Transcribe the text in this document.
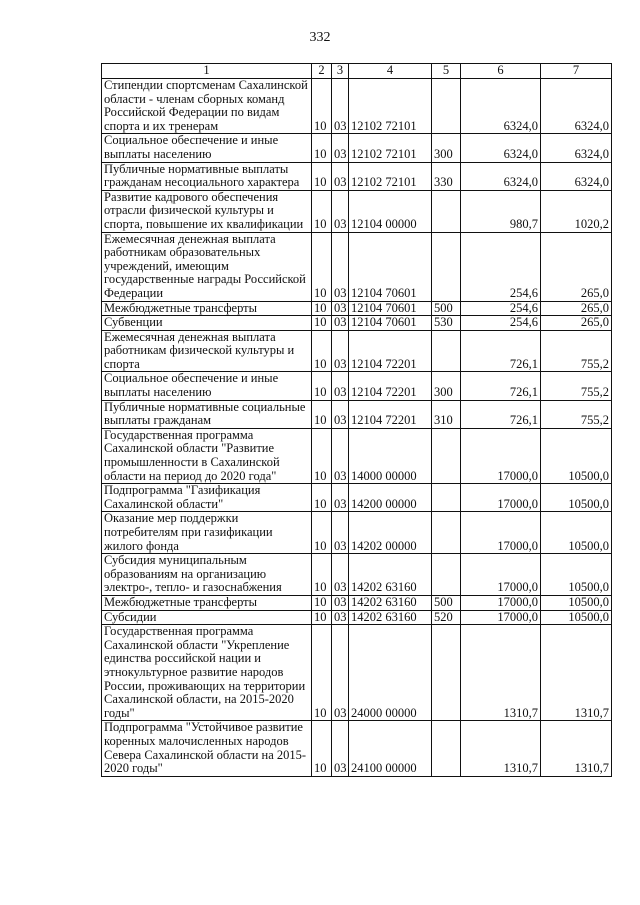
332
1	2	3	4	5	6	7
Стипендии спортсменам Сахалинской области - членам сборных команд Российской Федерации по видам спорта и их тренерам	10	03	12102 72101		6324,0	6324,0
Социальное обеспечение и иные выплаты населению	10	03	12102 72101	300	6324,0	6324,0
Публичные нормативные выплаты гражданам несоциального характера	10	03	12102 72101	330	6324,0	6324,0
Развитие кадрового обеспечения отрасли физической культуры и спорта, повышение их квалификации	10	03	12104 00000		980,7	1020,2
Ежемесячная денежная выплата работникам образовательных учреждений, имеющим государственные награды Российской Федерации	10	03	12104 70601		254,6	265,0
Межбюджетные трансферты	10	03	12104 70601	500	254,6	265,0
Субвенции	10	03	12104 70601	530	254,6	265,0
Ежемесячная денежная выплата работникам физической культуры и спорта	10	03	12104 72201		726,1	755,2
Социальное обеспечение и иные выплаты населению	10	03	12104 72201	300	726,1	755,2
Публичные нормативные социальные выплаты гражданам	10	03	12104 72201	310	726,1	755,2
Государственная программа Сахалинской области "Развитие промышленности в Сахалинской области на период до 2020 года"	10	03	14000 00000		17000,0	10500,0
Подпрограмма "Газификация Сахалинской области"	10	03	14200 00000		17000,0	10500,0
Оказание мер поддержки потребителям при газификации жилого фонда	10	03	14202 00000		17000,0	10500,0
Субсидия муниципальным образованиям на организацию электро-, тепло- и газоснабжения	10	03	14202 63160		17000,0	10500,0
Межбюджетные трансферты	10	03	14202 63160	500	17000,0	10500,0
Субсидии	10	03	14202 63160	520	17000,0	10500,0
Государственная программа Сахалинской области "Укрепление единства российской нации и этнокультурное развитие народов России, проживающих на территории Сахалинской области, на 2015-2020 годы"	10	03	24000 00000		1310,7	1310,7
Подпрограмма "Устойчивое развитие коренных малочисленных народов Севера Сахалинской области на 2015-2020 годы"	10	03	24100 00000		1310,7	1310,7
